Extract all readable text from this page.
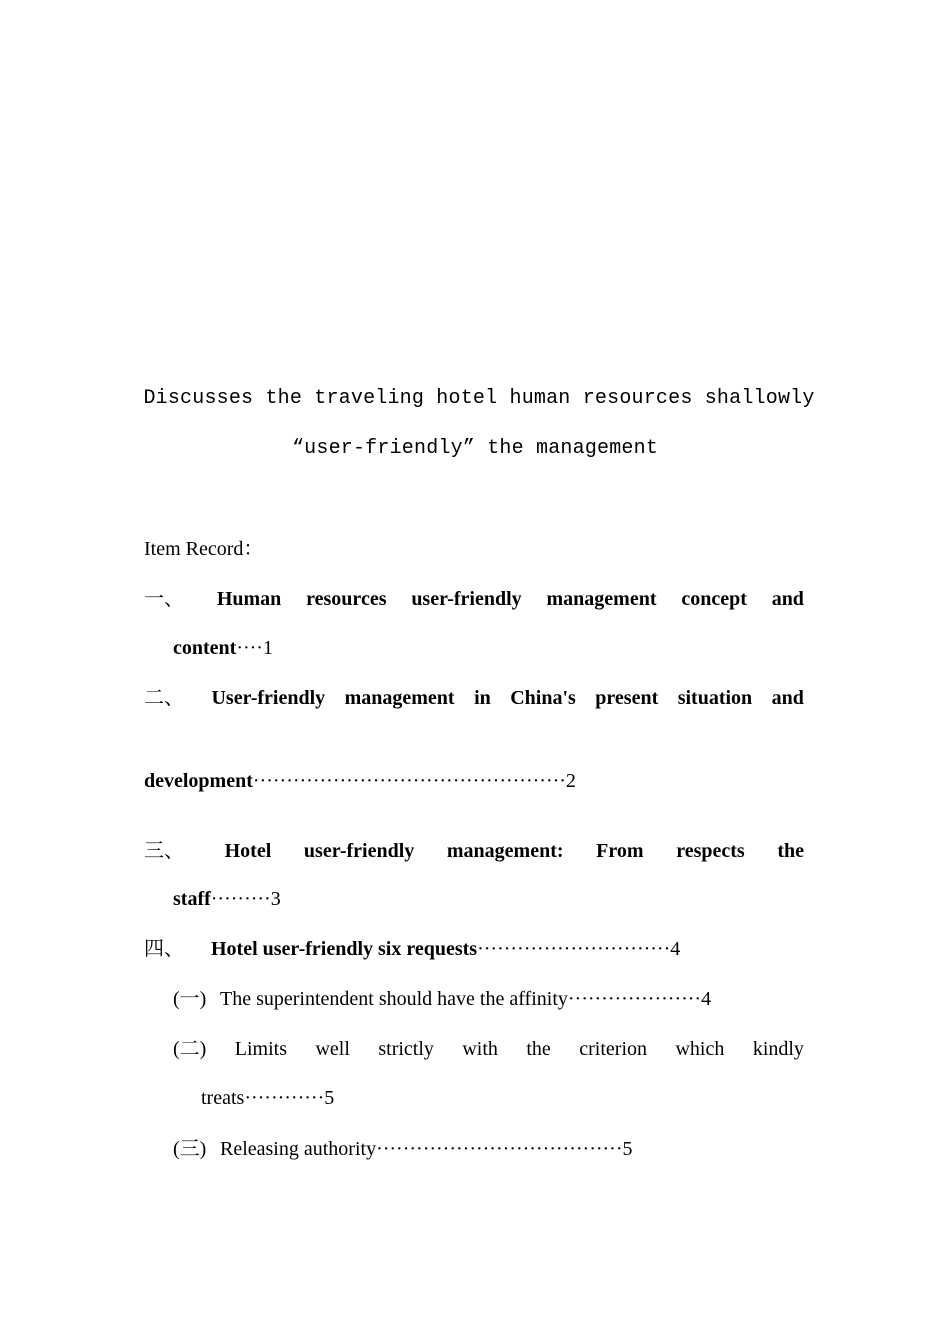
Discusses the traveling hotel human resources shallowly
“user-friendly” the management
Item Record：
一、	Human resources user-friendly management concept and
content····1
二、	User-friendly management in China's present situation and
development···············································2
三、	Hotel user-friendly management: From respects the
staff·········3
四、 Hotel user-friendly six requests·····························4
(一) The superintendent should have the affinity····················4
(二) Limits well strictly with the criterion which kindly
treats············5
(三) Releasing authority·····································5
